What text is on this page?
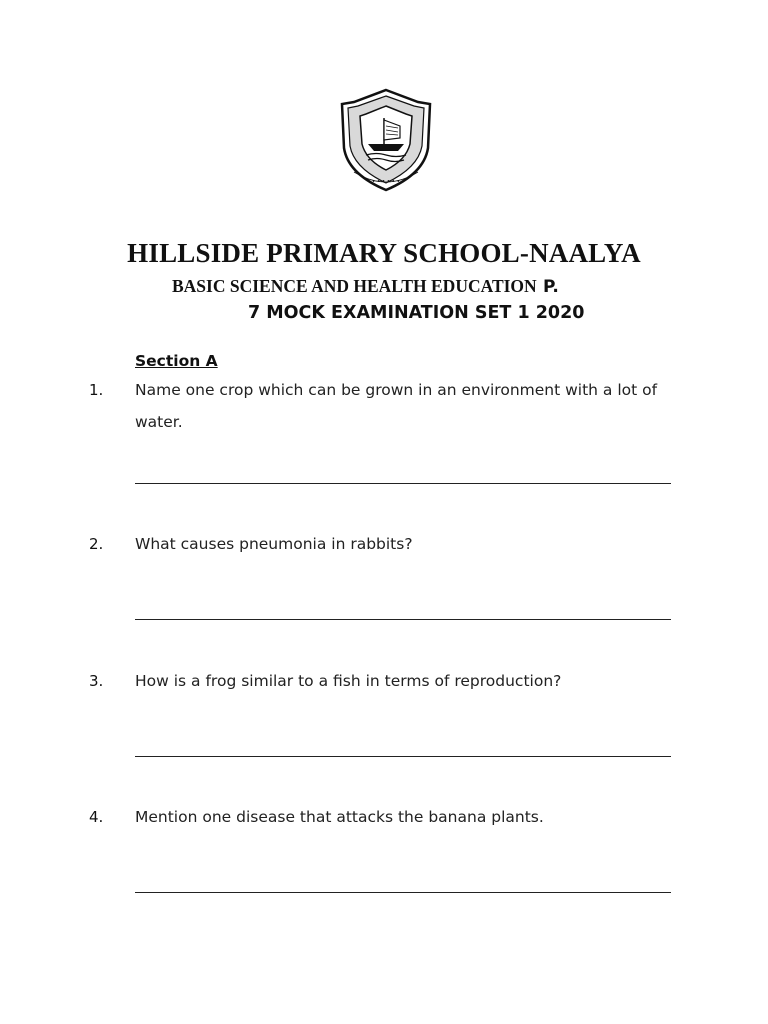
• • • • • • • •
HILLSIDE PRIMARY SCHOOL-NAALYA
BASIC SCIENCE AND HEALTH EDUCATION P.
7 MOCK EXAMINATION SET 1 2020
Section A
1. Name one crop which can be grown in an environment with a lot of water.
2. What causes pneumonia in rabbits?
3. How is a frog similar to a fish in terms of reproduction?
4. Mention one disease that attacks the banana plants.
